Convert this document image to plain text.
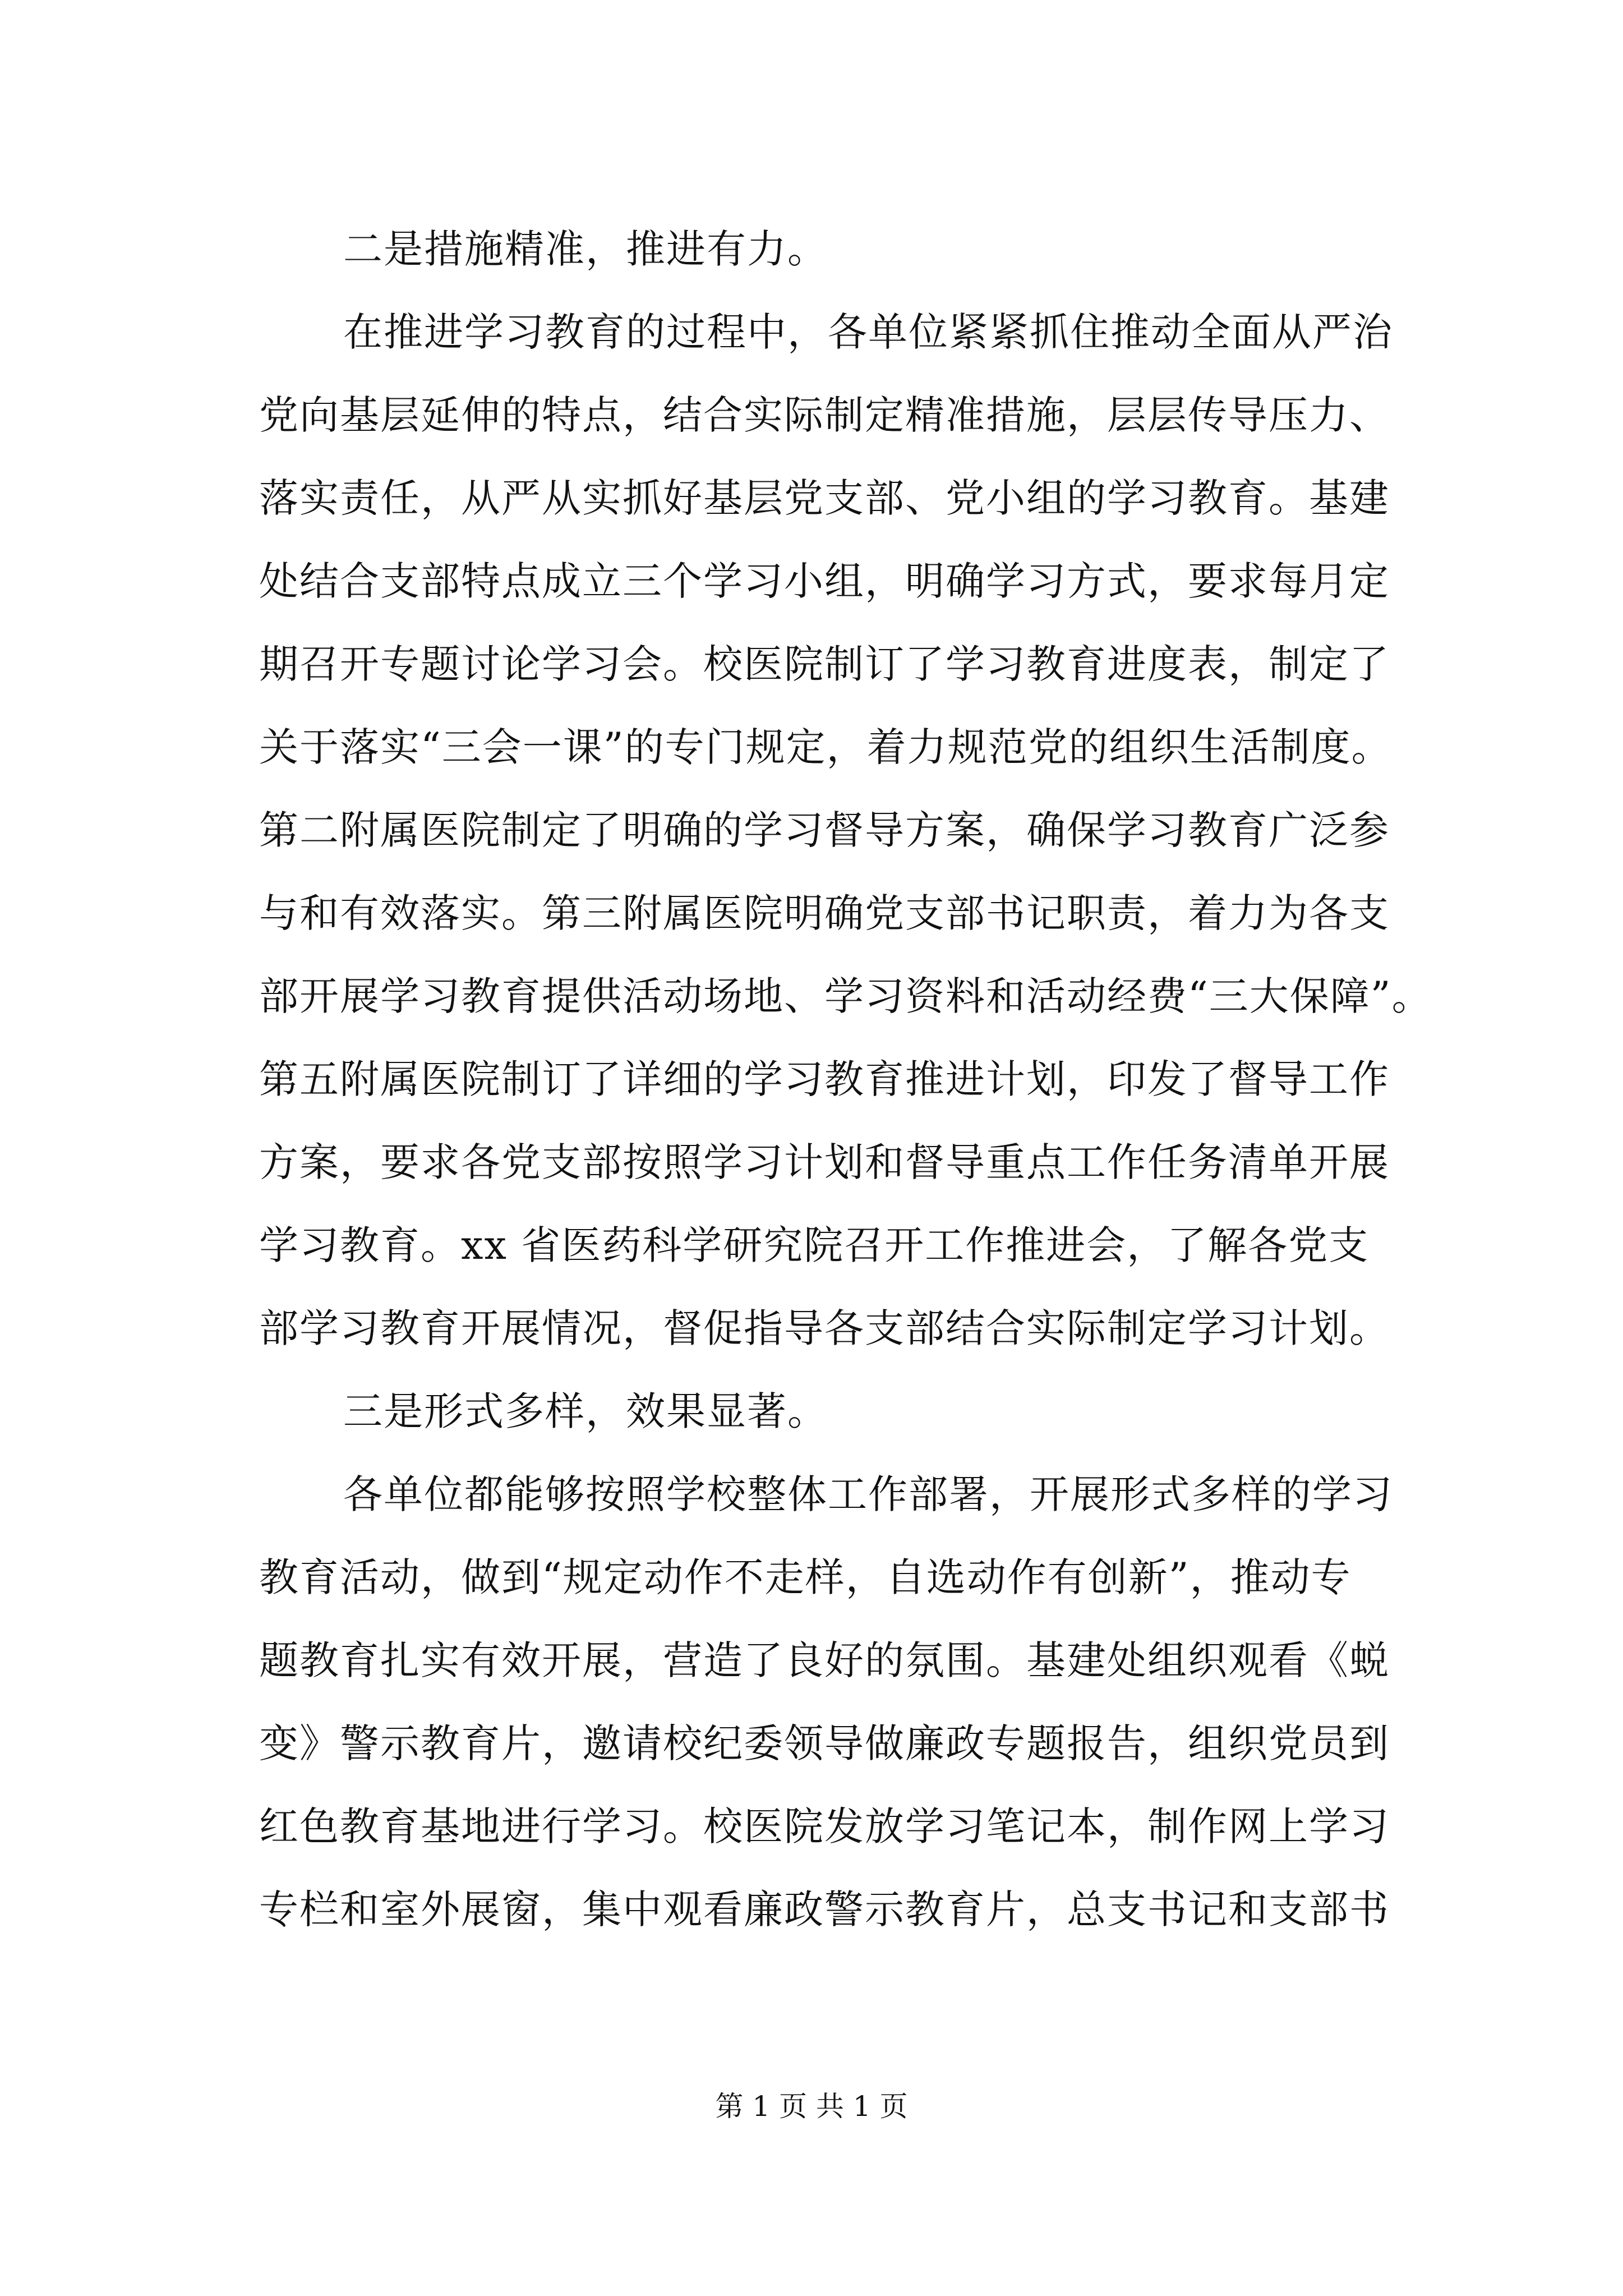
二是措施精准，推进有力。
在推进学习教育的过程中，各单位紧紧抓住推动全面从严治
党向基层延伸的特点，结合实际制定精准措施，层层传导压力、
落实责任，从严从实抓好基层党支部、党小组的学习教育。基建
处结合支部特点成立三个学习小组，明确学习方式，要求每月定
期召开专题讨论学习会。校医院制订了学习教育进度表，制定了
关于落实“三会一课”的专门规定，着力规范党的组织生活制度。
第二附属医院制定了明确的学习督导方案，确保学习教育广泛参
与和有效落实。第三附属医院明确党支部书记职责，着力为各支
部开展学习教育提供活动场地、学习资料和活动经费“三大保障”。
第五附属医院制订了详细的学习教育推进计划，印发了督导工作
方案，要求各党支部按照学习计划和督导重点工作任务清单开展
学习教育。xx 省医药科学研究院召开工作推进会，了解各党支
部学习教育开展情况，督促指导各支部结合实际制定学习计划。
三是形式多样，效果显著。
各单位都能够按照学校整体工作部署，开展形式多样的学习
教育活动，做到“规定动作不走样，自选动作有创新”，推动专
题教育扎实有效开展，营造了良好的氛围。基建处组织观看《蜕
变》警示教育片，邀请校纪委领导做廉政专题报告，组织党员到
红色教育基地进行学习。校医院发放学习笔记本，制作网上学习
专栏和室外展窗，集中观看廉政警示教育片，总支书记和支部书
第 1 页 共 1 页
